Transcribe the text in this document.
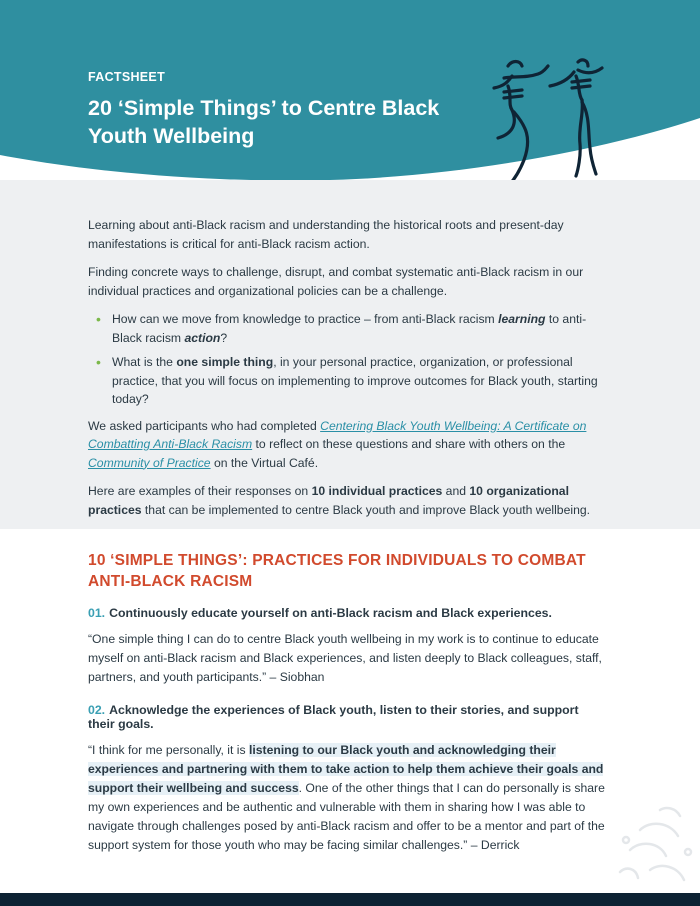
FACTSHEET
20 ‘Simple Things’ to Centre Black Youth Wellbeing

Learning about anti-Black racism and understanding the historical roots and present-day manifestations is critical for anti-Black racism action.

Finding concrete ways to challenge, disrupt, and combat systematic anti-Black racism in our individual practices and organizational policies can be a challenge.

• How can we move from knowledge to practice – from anti-Black racism learning to anti-Black racism action?
• What is the one simple thing, in your personal practice, organization, or professional practice, that you will focus on implementing to improve outcomes for Black youth, starting today?

We asked participants who had completed Centering Black Youth Wellbeing: A Certificate on Combatting Anti-Black Racism to reflect on these questions and share with others on the Community of Practice on the Virtual Café.

Here are examples of their responses on 10 individual practices and 10 organizational practices that can be implemented to centre Black youth and improve Black youth wellbeing.

10 ‘SIMPLE THINGS’: PRACTICES FOR INDIVIDUALS TO COMBAT ANTI-BLACK RACISM
01. Continuously educate yourself on anti-Black racism and Black experiences.

“One simple thing I can do to centre Black youth wellbeing in my work is to continue to educate myself on anti-Black racism and Black experiences, and listen deeply to Black colleagues, staff, partners, and youth participants.” – Siobhan

02. Acknowledge the experiences of Black youth, listen to their stories, and support their goals.

“I think for me personally, it is listening to our Black youth and acknowledging their experiences and partnering with them to take action to help them achieve their goals and support their wellbeing and success. One of the other things that I can do personally is share my own experiences and be authentic and vulnerable with them in sharing how I was able to navigate through challenges posed by anti-Black racism and offer to be a mentor and part of the support system for those youth who may be facing similar challenges.” – Derrick
